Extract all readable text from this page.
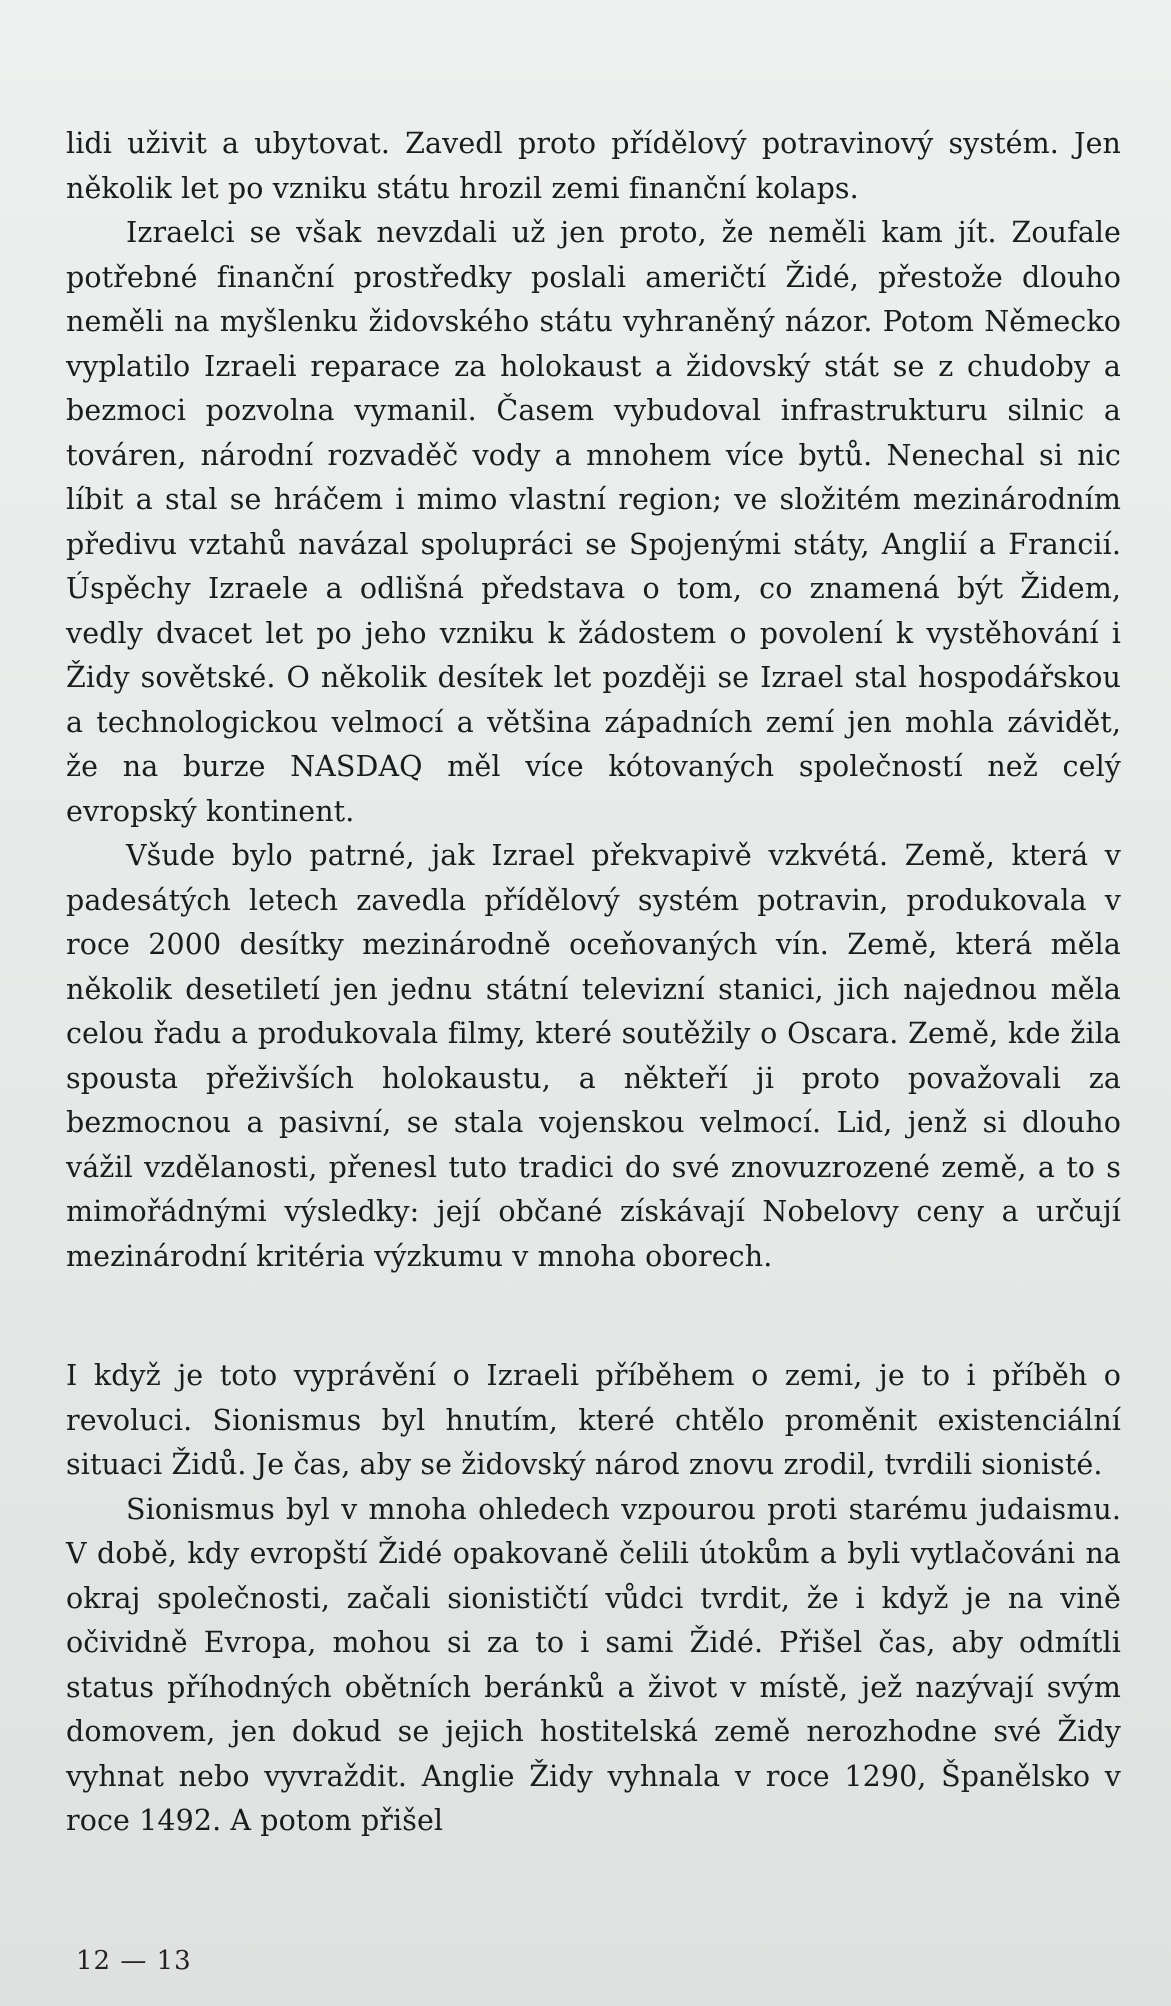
lidi uživit a ubytovat. Zavedl proto přídělový potravinový systém. Jen několik let po vzniku státu hrozil zemi finanční kolaps.

Izraelci se však nevzdali už jen proto, že neměli kam jít. Zoufale potřebné finanční prostředky poslali američtí Židé, přestože dlouho neměli na myšlenku židovského státu vyhraněný názor. Potom Německo vyplatilo Izraeli reparace za holokaust a židovský stát se z chudoby a bezmoci pozvolna vymanil. Časem vybudoval infrastrukturu silnic a továren, národní rozvaděč vody a mnohem více bytů. Nenechal si nic líbit a stal se hráčem i mimo vlastní region; ve složitém mezinárodním předivu vztahů navázal spolupráci se Spojenými státy, Anglií a Francií. Úspěchy Izraele a odlišná představa o tom, co znamená být Židem, vedly dvacet let po jeho vzniku k žádostem o povolení k vystěhování i Židy sovětské. O několik desítek let později se Izrael stal hospodářskou a technologickou velmocí a většina západních zemí jen mohla závidět, že na burze NASDAQ měl více kótovaných společností než celý evropský kontinent.

Všude bylo patrné, jak Izrael překvapivě vzkvétá. Země, která v padesátých letech zavedla přídělový systém potravin, produkovala v roce 2000 desítky mezinárodně oceňovaných vín. Země, která měla několik desetiletí jen jednu státní televizní stanici, jich najednou měla celou řadu a produkovala filmy, které soutěžily o Oscara. Země, kde žila spousta přeživších holokaustu, a někteří ji proto považovali za bezmocnou a pasivní, se stala vojenskou velmocí. Lid, jenž si dlouho vážil vzdělanosti, přenesl tuto tradici do své znovuzrozené země, a to s mimořádnými výsledky: její občané získávají Nobelovy ceny a určují mezinárodní kritéria výzkumu v mnoha oborech.

I když je toto vyprávění o Izraeli příběhem o zemi, je to i příběh o revoluci. Sionismus byl hnutím, které chtělo proměnit existenciální situaci Židů. Je čas, aby se židovský národ znovu zrodil, tvrdili sionisté.

Sionismus byl v mnoha ohledech vzpourou proti starému judaismu. V době, kdy evropští Židé opakovaně čelili útokům a byli vytlačováni na okraj společnosti, začali sionističtí vůdci tvrdit, že i když je na vině očividně Evropa, mohou si za to i sami Židé. Přišel čas, aby odmítli status příhodných obětních beránků a život v místě, jež nazývají svým domovem, jen dokud se jejich hostitelská země nerozhodne své Židy vyhnat nebo vyvraždit. Anglie Židy vyhnala v roce 1290, Španělsko v roce 1492. A potom přišel

12 — 13
